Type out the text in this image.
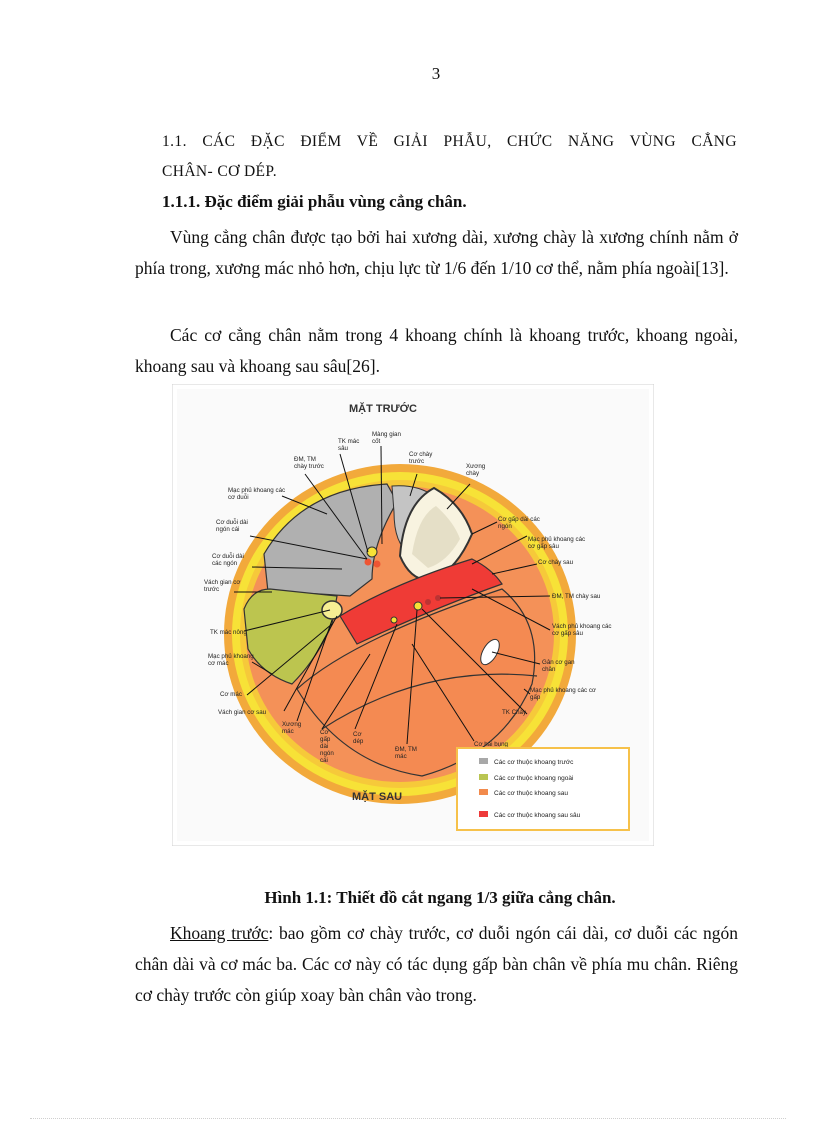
3
1.1. CÁC ĐẶC ĐIỂM VỀ GIẢI PHẪU, CHỨC NĂNG VÙNG CẲNG
CHÂN- CƠ DÉP.
1.1.1. Đặc điểm giải phẫu vùng cẳng chân.
Vùng cẳng chân được tạo bởi hai xương dài, xương chày là xương chính nằm ở phía trong, xương mác nhỏ hơn, chịu lực từ 1/6 đến 1/10 cơ thể, nằm phía ngoài[13].
Các cơ cẳng chân nằm trong 4 khoang chính là khoang trước, khoang ngoài, khoang sau và khoang sau sâu[26].
MẶT TRƯỚC
MẶT SAU
Màng gian cốt
TK mác sâu
ĐM, TM chày trước
Cơ chày trước
Xương chày
Mạc phủ khoang các cơ duỗi
Cơ duỗi dài ngón cái
Cơ duỗi dài các ngón
Vách gian cơ trước
TK mác nông
Mạc phủ khoang cơ mác
Cơ mác
Vách gian cơ sau
Xương mác	Cơ gấp dài ngón cái
Cơ dép
ĐM, TM mác
Cơ gấp dài các ngón
Mạc phủ khoang các cơ gấp sâu
Cơ chày sau
ĐM, TM chày sau
Vách phủ khoang các cơ gấp sâu
Gân cơ gan chân
Mạc phủ khoang các cơ gấp
TK Chày
Cơ hai bụng
Các cơ thuộc khoang trước
Các cơ thuộc khoang ngoài
Các cơ thuộc khoang sau
Các cơ thuộc khoang sau sâu
Hình 1.1: Thiết đồ cắt ngang 1/3 giữa cẳng chân.
Khoang trước: bao gồm cơ chày trước, cơ duỗi ngón cái dài, cơ duỗi các ngón chân dài và cơ mác ba. Các cơ này có tác dụng gấp bàn chân về phía mu chân. Riêng cơ chày trước còn giúp xoay bàn chân vào trong.
